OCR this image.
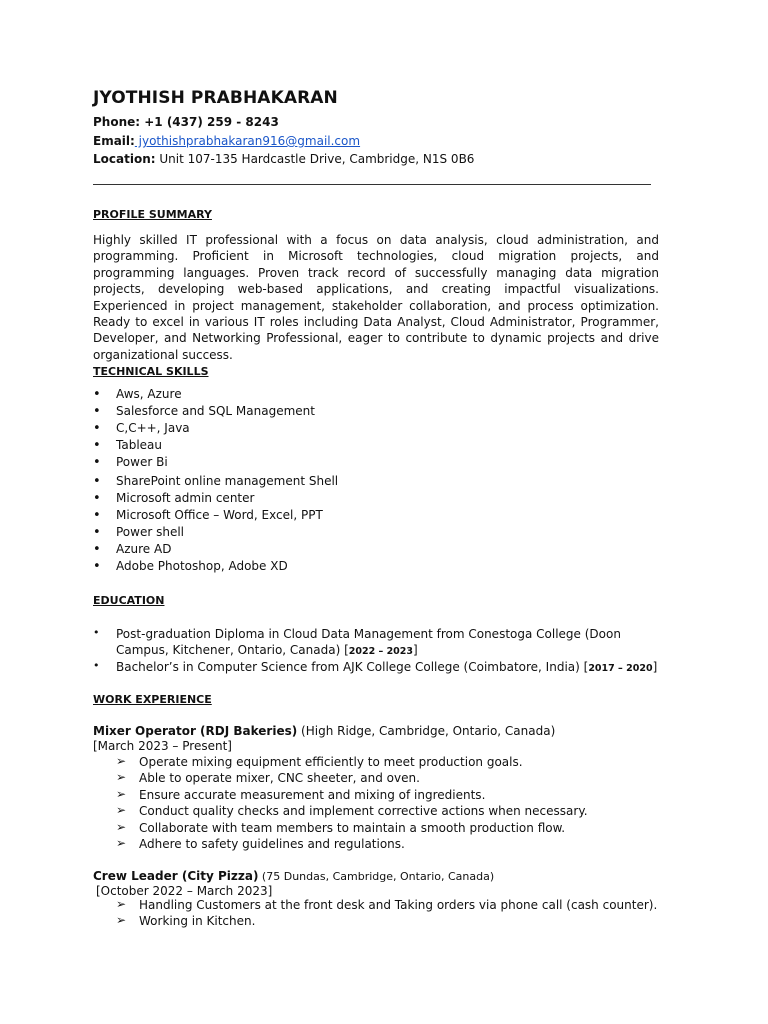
JYOTHISH PRABHAKARAN
Phone: +1 (437) 259 - 8243
Email: jyothishprabhakaran916@gmail.com
Location: Unit 107-135 Hardcastle Drive, Cambridge, N1S 0B6
PROFILE SUMMARY
Highly skilled IT professional with a focus on data analysis, cloud administration, and programming. Proficient in Microsoft technologies, cloud migration projects, and programming languages. Proven track record of successfully managing data migration projects, developing web-based applications, and creating impactful visualizations. Experienced in project management, stakeholder collaboration, and process optimization. Ready to excel in various IT roles including Data Analyst, Cloud Administrator, Programmer, Developer, and Networking Professional, eager to contribute to dynamic projects and drive organizational success.
TECHNICAL SKILLS
• Aws, Azure
• Salesforce and SQL Management
• C,C++, Java
• Tableau
• Power Bi
• SharePoint online management Shell
• Microsoft admin center
• Microsoft Office – Word, Excel, PPT
• Power shell
• Azure AD
• Adobe Photoshop, Adobe XD
EDUCATION
• Post-graduation Diploma in Cloud Data Management from Conestoga College (Doon Campus, Kitchener, Ontario, Canada) [2022 – 2023]
• Bachelor’s in Computer Science from AJK College College (Coimbatore, India) [2017 – 2020]
WORK EXPERIENCE
Mixer Operator (RDJ Bakeries) (High Ridge, Cambridge, Ontario, Canada)
[March 2023 – Present]
➢ Operate mixing equipment efficiently to meet production goals.
➢ Able to operate mixer, CNC sheeter, and oven.
➢ Ensure accurate measurement and mixing of ingredients.
➢ Conduct quality checks and implement corrective actions when necessary.
➢ Collaborate with team members to maintain a smooth production flow.
➢ Adhere to safety guidelines and regulations.
Crew Leader (City Pizza) (75 Dundas, Cambridge, Ontario, Canada)
[October 2022 – March 2023]
➢ Handling Customers at the front desk and Taking orders via phone call (cash counter).
➢ Working in Kitchen.
